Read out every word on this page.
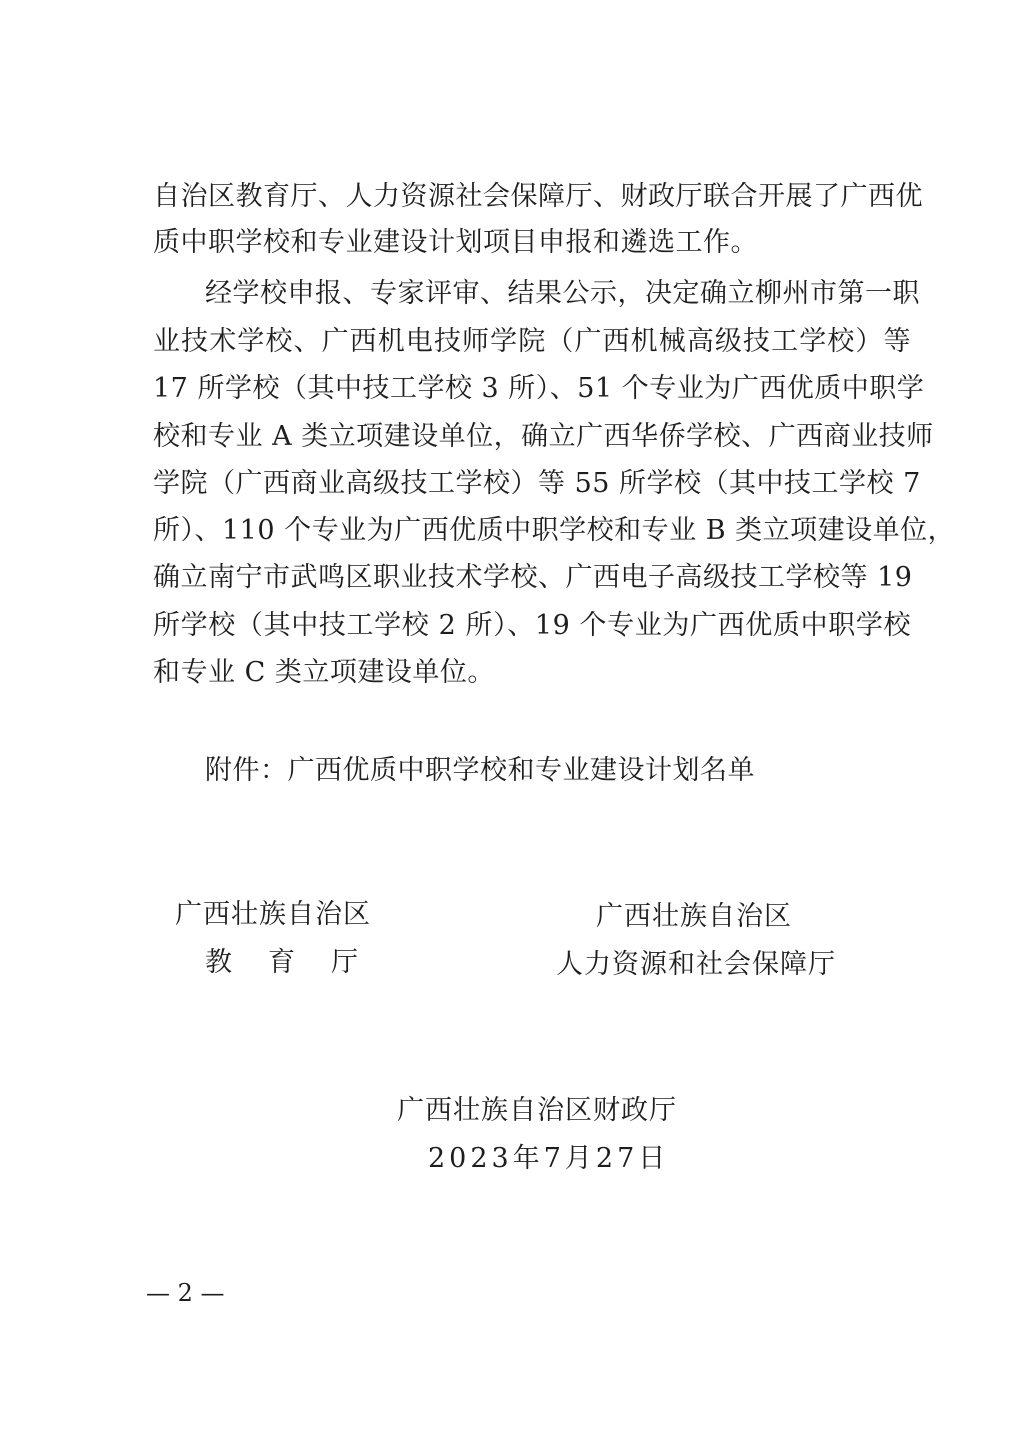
自治区教育厅、人力资源社会保障厅、财政厅联合开展了广西优
质中职学校和专业建设计划项目申报和遴选工作。
经学校申报、专家评审、结果公示，决定确立柳州市第一职
业技术学校、广西机电技师学院（广西机械高级技工学校）等
17 所学校（其中技工学校 3 所）、51 个专业为广西优质中职学
校和专业 A 类立项建设单位，确立广西华侨学校、广西商业技师
学院（广西商业高级技工学校）等 55 所学校（其中技工学校 7
所）、110 个专业为广西优质中职学校和专业 B 类立项建设单位，
确立南宁市武鸣区职业技术学校、广西电子高级技工学校等 19
所学校（其中技工学校 2 所）、19 个专业为广西优质中职学校
和专业 C 类立项建设单位。
附件：广西优质中职学校和专业建设计划名单
广西壮族自治区
教育厅
广西壮族自治区
人力资源和社会保障厅
广西壮族自治区财政厅
2023年7月27日
— 2 —
